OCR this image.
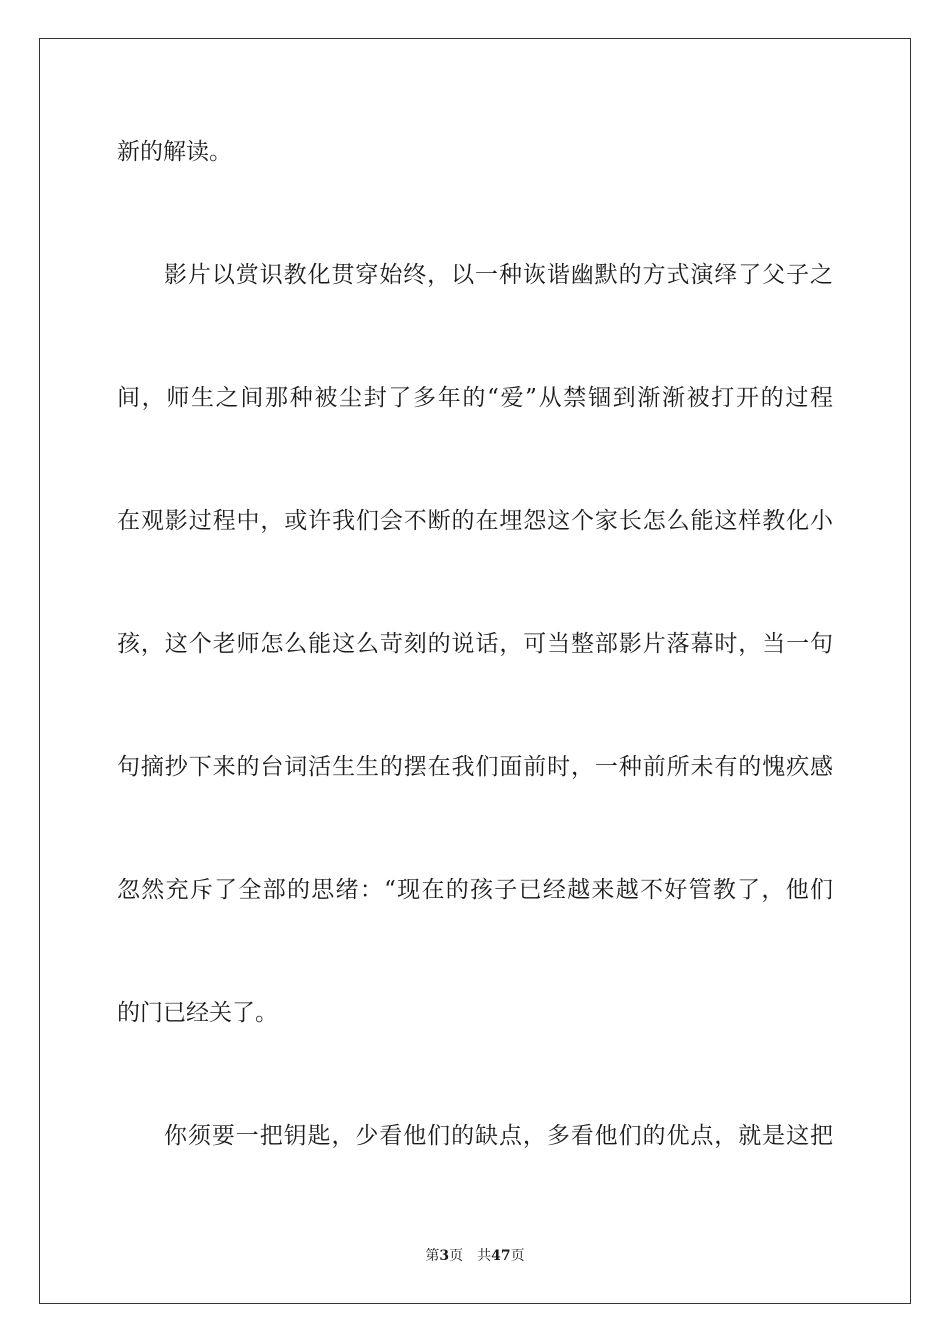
新的解读。
影片以赏识教化贯穿始终，以一种诙谐幽默的方式演绎了父子之
间，师生之间那种被尘封了多年的“爱”从禁锢到渐渐被打开的过程
在观影过程中，或许我们会不断的在埋怨这个家长怎么能这样教化小
孩，这个老师怎么能这么苛刻的说话，可当整部影片落幕时，当一句
句摘抄下来的台词活生生的摆在我们面前时，一种前所未有的愧疚感
忽然充斥了全部的思绪：“现在的孩子已经越来越不好管教了，他们
的门已经关了。
你须要一把钥匙，少看他们的缺点，多看他们的优点，就是这把
第3页 共47页
